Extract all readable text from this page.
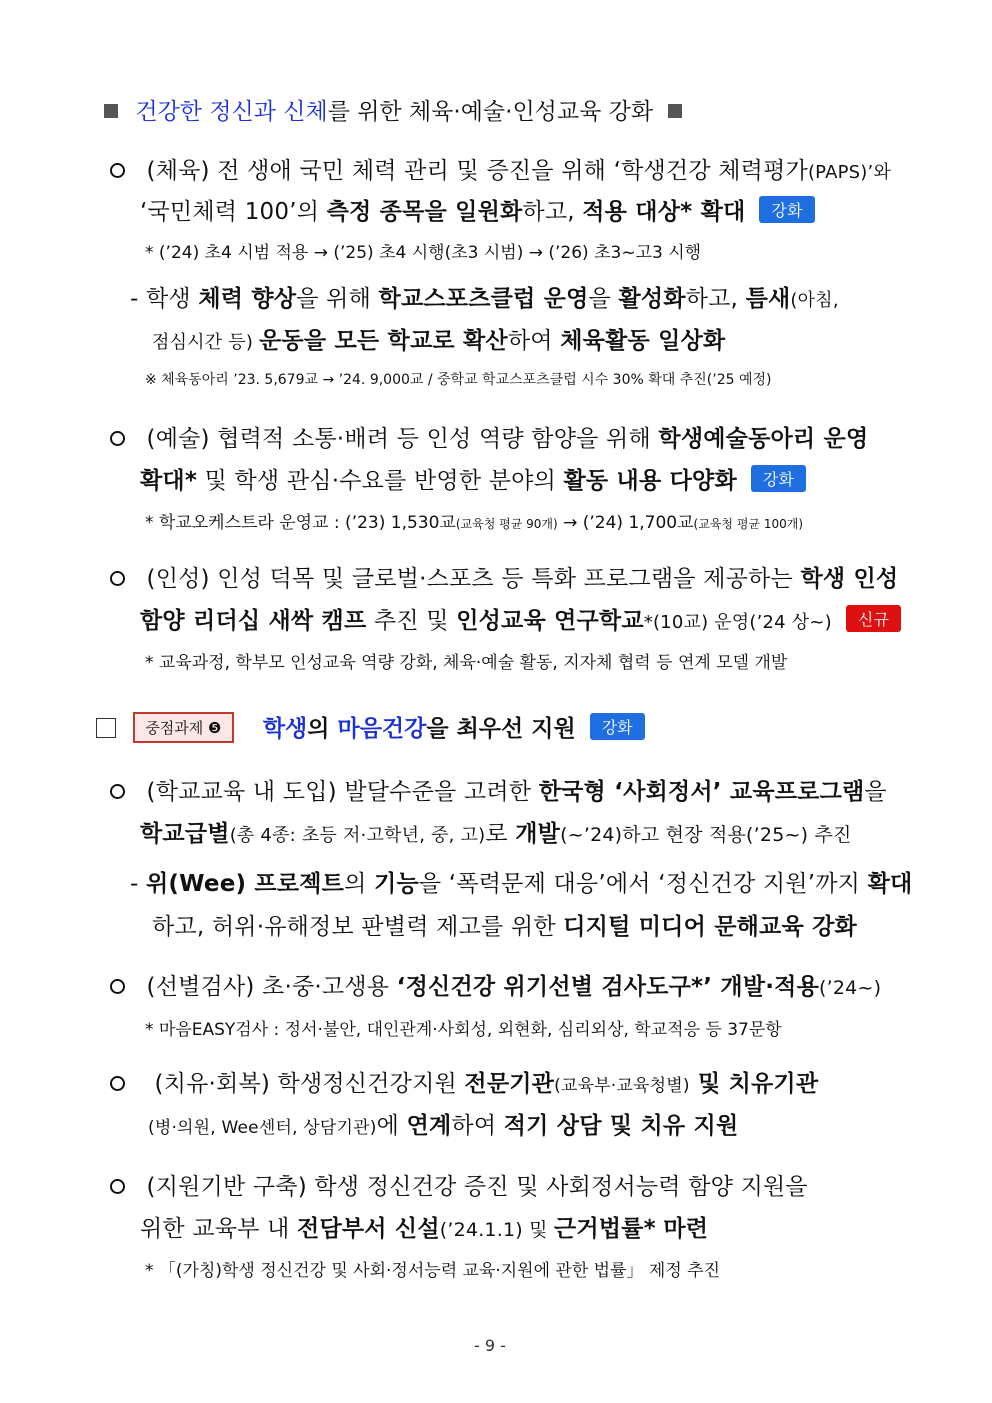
건강한 정신과 신체를 위한 체육·예술·인성교육 강화
(체육) 전 생애 국민 체력 관리 및 증진을 위해 ‘학생건강 체력평가(PAPS)’와
‘국민체력 100’의 측정 종목을 일원화하고, 적용 대상* 확대 강화
* (’24) 초4 시범 적용 → (’25) 초4 시행(초3 시범) → (’26) 초3~고3 시행
- 학생 체력 향상을 위해 학교스포츠클럽 운영을 활성화하고, 틈새(아침,
점심시간 등) 운동을 모든 학교로 확산하여 체육활동 일상화
※ 체육동아리 ’23. 5,679교 → ’24. 9,000교 / 중학교 학교스포츠클럽 시수 30% 확대 추진(’25 예정)
(예술) 협력적 소통·배려 등 인성 역량 함양을 위해 학생예술동아리 운영
확대* 및 학생 관심·수요를 반영한 분야의 활동 내용 다양화 강화
* 학교오케스트라 운영교 : (’23) 1,530교(교육청 평균 90개) → (’24) 1,700교(교육청 평균 100개)
(인성) 인성 덕목 및 글로벌·스포츠 등 특화 프로그램을 제공하는 학생 인성
함양 리더십 새싹 캠프 추진 및 인성교육 연구학교*(10교) 운영(’24 상~) 신규
* 교육과정, 학부모 인성교육 역량 강화, 체육·예술 활동, 지자체 협력 등 연계 모델 개발
중점과제 ❺ 학생의 마음건강을 최우선 지원 강화
(학교교육 내 도입) 발달수준을 고려한 한국형 ‘사회정서’ 교육프로그램을
학교급별(총 4종: 초등 저·고학년, 중, 고)로 개발(~’24)하고 현장 적용(’25~) 추진
- 위(Wee) 프로젝트의 기능을 ‘폭력문제 대응’에서 ‘정신건강 지원’까지 확대
하고, 허위·유해정보 판별력 제고를 위한 디지털 미디어 문해교육 강화
(선별검사) 초·중·고생용 ‘정신건강 위기선별 검사도구*’ 개발·적용(’24~)
* 마음EASY검사 : 정서·불안, 대인관계·사회성, 외현화, 심리외상, 학교적응 등 37문항
(치유·회복) 학생정신건강지원 전문기관(교육부·교육청별) 및 치유기관
(병·의원, Wee센터, 상담기관)에 연계하여 적기 상담 및 치유 지원
(지원기반 구축) 학생 정신건강 증진 및 사회정서능력 함양 지원을
위한 교육부 내 전담부서 신설(’24.1.1) 및 근거법률* 마련
* 「(가칭)학생 정신건강 및 사회·정서능력 교육·지원에 관한 법률」 제정 추진
- 9 -
